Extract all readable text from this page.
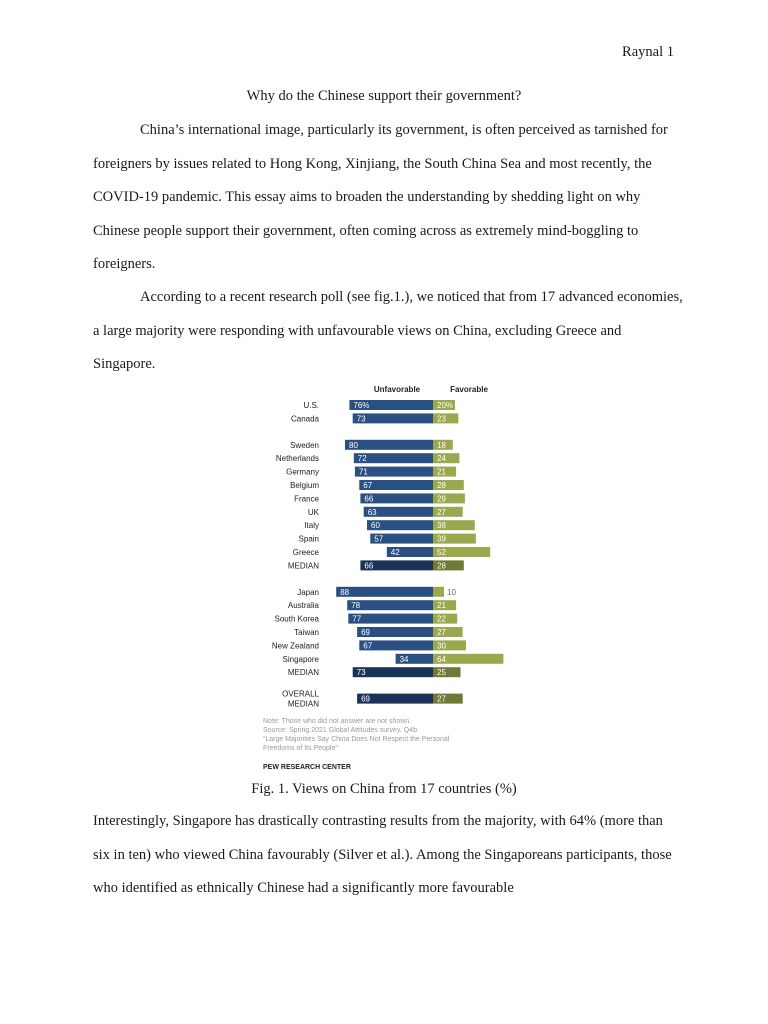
Raynal 1
Why do the Chinese support their government?
China’s international image, particularly its government, is often perceived as tarnished for foreigners by issues related to Hong Kong, Xinjiang, the South China Sea and most recently, the COVID-19 pandemic. This essay aims to broaden the understanding by shedding light on why Chinese people support their government, often coming across as extremely mind-boggling to foreigners.
According to a recent research poll (see fig.1.), we noticed that from 17 advanced economies, a large majority were responding with unfavourable views on China, excluding Greece and Singapore.
Unfavorable	Favorable
U.S.	76%	20%
Canada	73	23
Sweden	80	18
Netherlands	72	24
Germany	71	21
Belgium	67	28
France	66	29
UK	63	27
Italy	60	38
Spain	57	39
Greece	42	52
MEDIAN	66	28
Japan	88	10
Australia	78	21
South Korea	77	22
Taiwan	69	27
New Zealand	67	30
Singapore	34	64
MEDIAN	73	25
OVERALL
MEDIAN
69	27
Note: Those who did not answer are not shown.
Source: Spring 2021 Global Attitudes survey. Q4b.
“Large Majorities Say China Does Not Respect the Personal
Freedoms of Its People”
PEW RESEARCH CENTER
Fig. 1. Views on China from 17 countries (%)
Interestingly, Singapore has drastically contrasting results from the majority, with 64% (more than six in ten) who viewed China favourably (Silver et al.). Among the Singaporeans participants, those who identified as ethnically Chinese had a significantly more favourable
